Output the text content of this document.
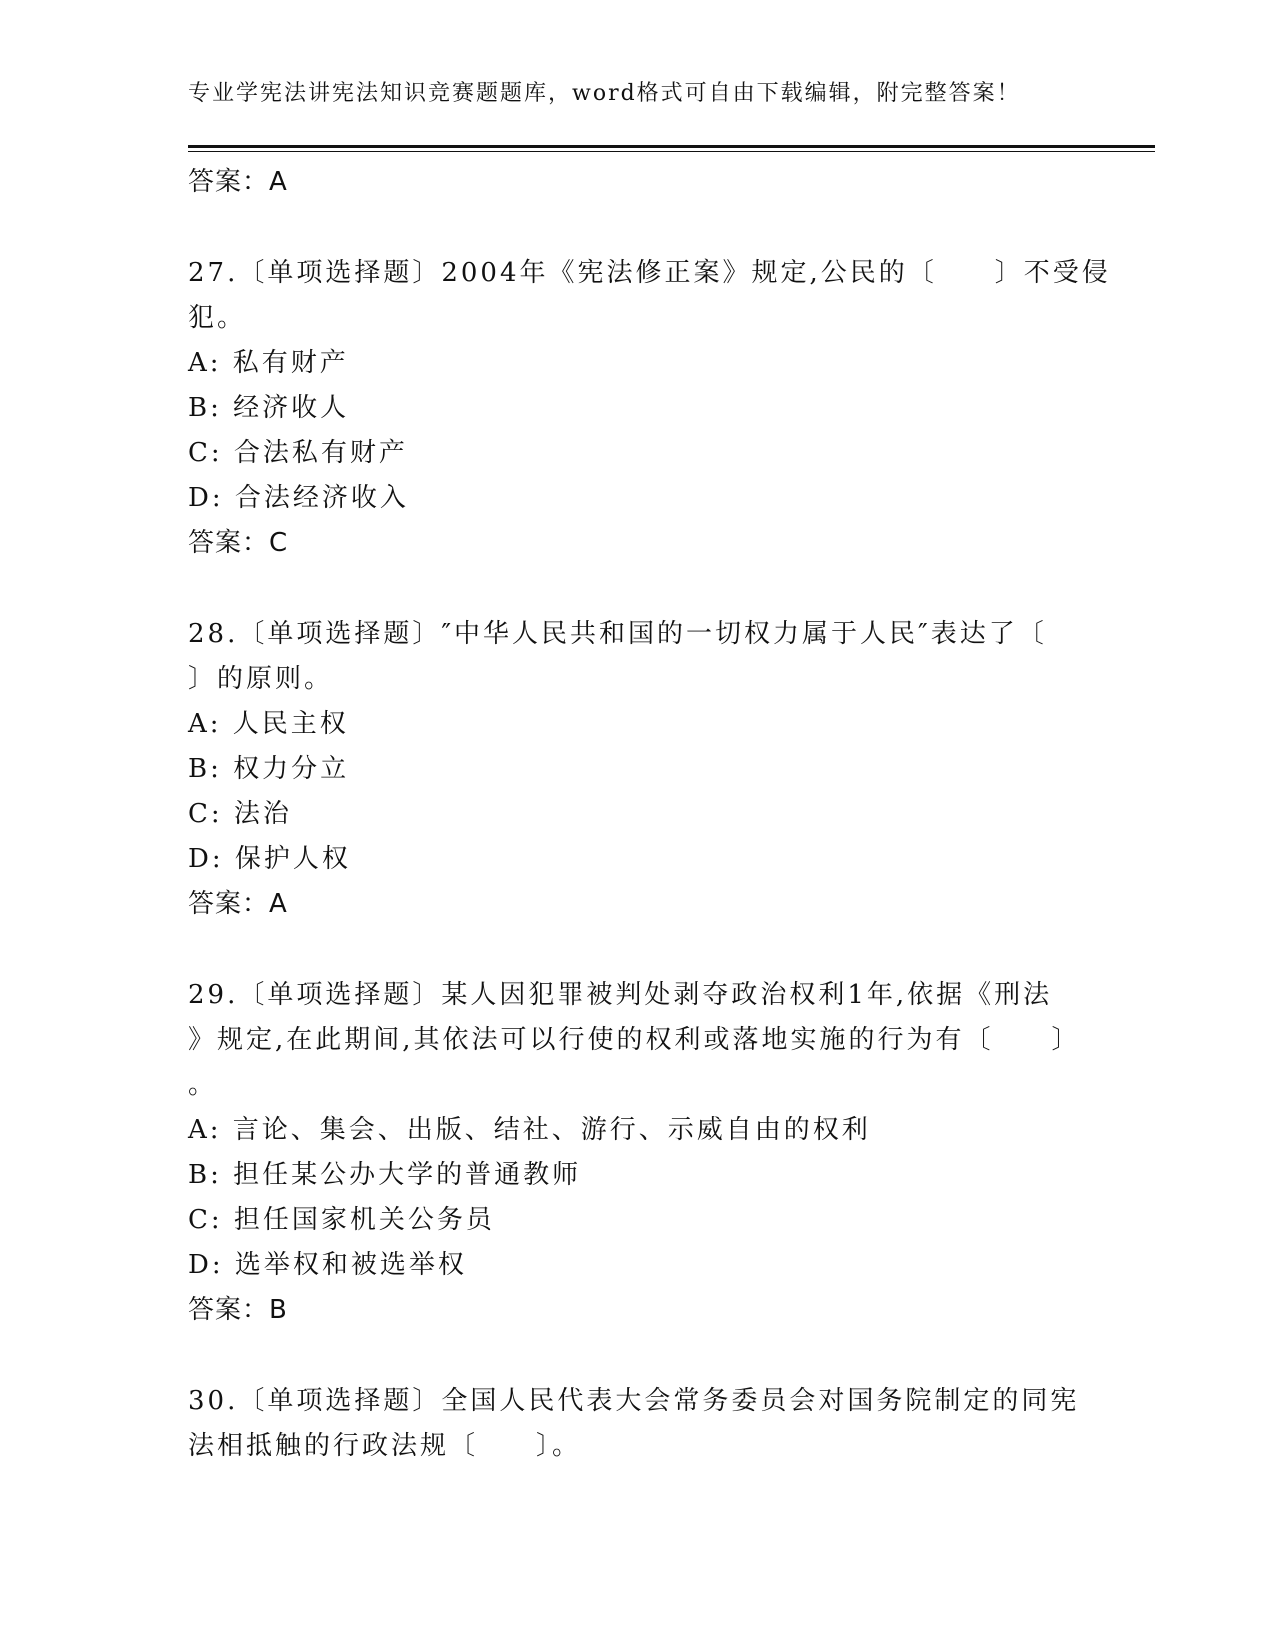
专业学宪法讲宪法知识竞赛题题库，word格式可自由下载编辑，附完整答案！
答案：A
27.〔单项选择题〕2004年《宪法修正案》规定,公民的〔　　〕不受侵
犯。
A: 私有财产
B: 经济收人
C: 合法私有财产
D: 合法经济收入
答案：C
28.〔单项选择题〕″中华人民共和国的一切权力属于人民″表达了〔
〕的原则。
A: 人民主权
B: 权力分立
C: 法治
D: 保护人权
答案：A
29.〔单项选择题〕某人因犯罪被判处剥夺政治权利1年,依据《刑法
》规定,在此期间,其依法可以行使的权利或落地实施的行为有〔　　〕
。
A: 言论、集会、出版、结社、游行、示威自由的权利
B: 担任某公办大学的普通教师
C: 担任国家机关公务员
D: 选举权和被选举权
答案：B
30.〔单项选择题〕全国人民代表大会常务委员会对国务院制定的同宪
法相抵触的行政法规〔　　〕。
